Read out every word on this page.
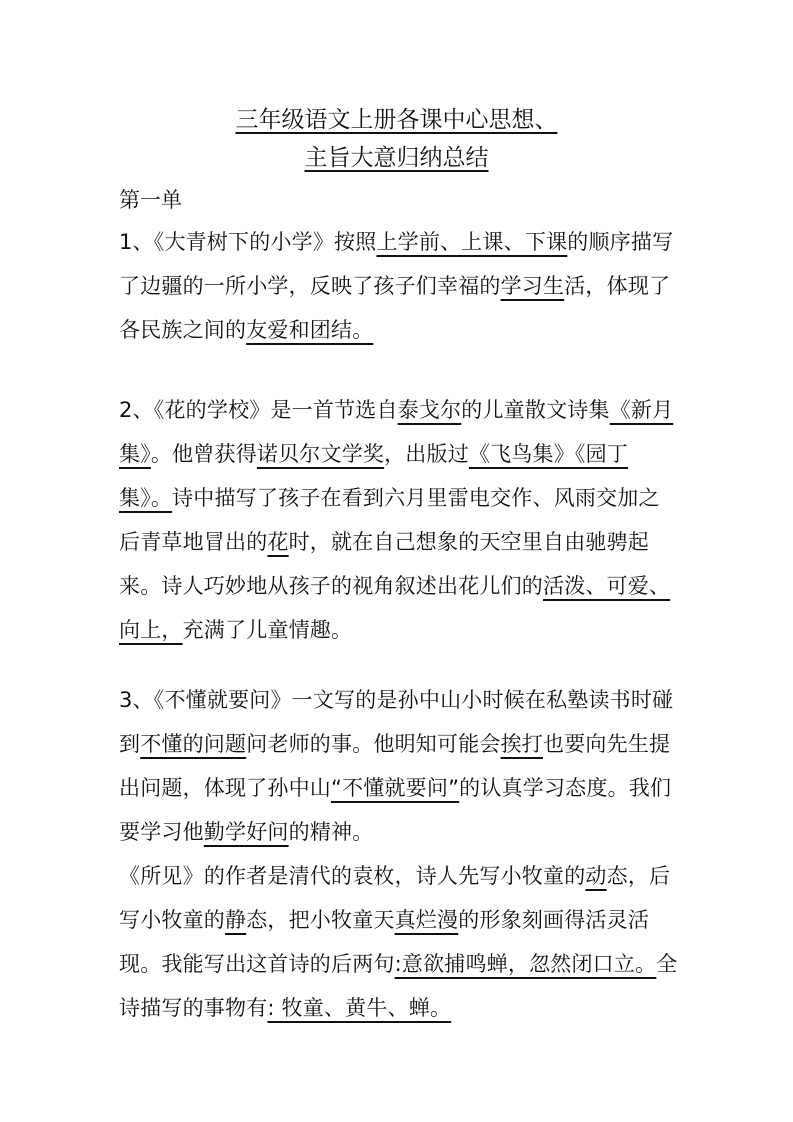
三年级语文上册各课中心思想、
主旨大意归纳总结
第一单

1、《大青树下的小学》按照上学前、上课、下课的顺序描写了边疆的一所小学，反映了孩子们幸福的学习生活，体现了各民族之间的友爱和团结。

2、《花的学校》是一首节选自泰戈尔的儿童散文诗集《新月集》。他曾获得诺贝尔文学奖，出版过《飞鸟集》《园丁集》。诗中描写了孩子在看到六月里雷电交作、风雨交加之后青草地冒出的花时，就在自己想象的天空里自由驰骋起来。诗人巧妙地从孩子的视角叙述出花儿们的活泼、可爱、向上，充满了儿童情趣。

3、《不懂就要问》一文写的是孙中山小时候在私塾读书时碰到不懂的问题问老师的事。他明知可能会挨打也要向先生提出问题，体现了孙中山“不懂就要问”的认真学习态度。我们要学习他勤学好问的精神。

《所见》的作者是清代的袁枚，诗人先写小牧童的动态，后写小牧童的静态，把小牧童天真烂漫的形象刻画得活灵活现。我能写出这首诗的后两句:意欲捕鸣蝉，忽然闭口立。全诗描写的事物有: 牧童、黄牛、蝉。
